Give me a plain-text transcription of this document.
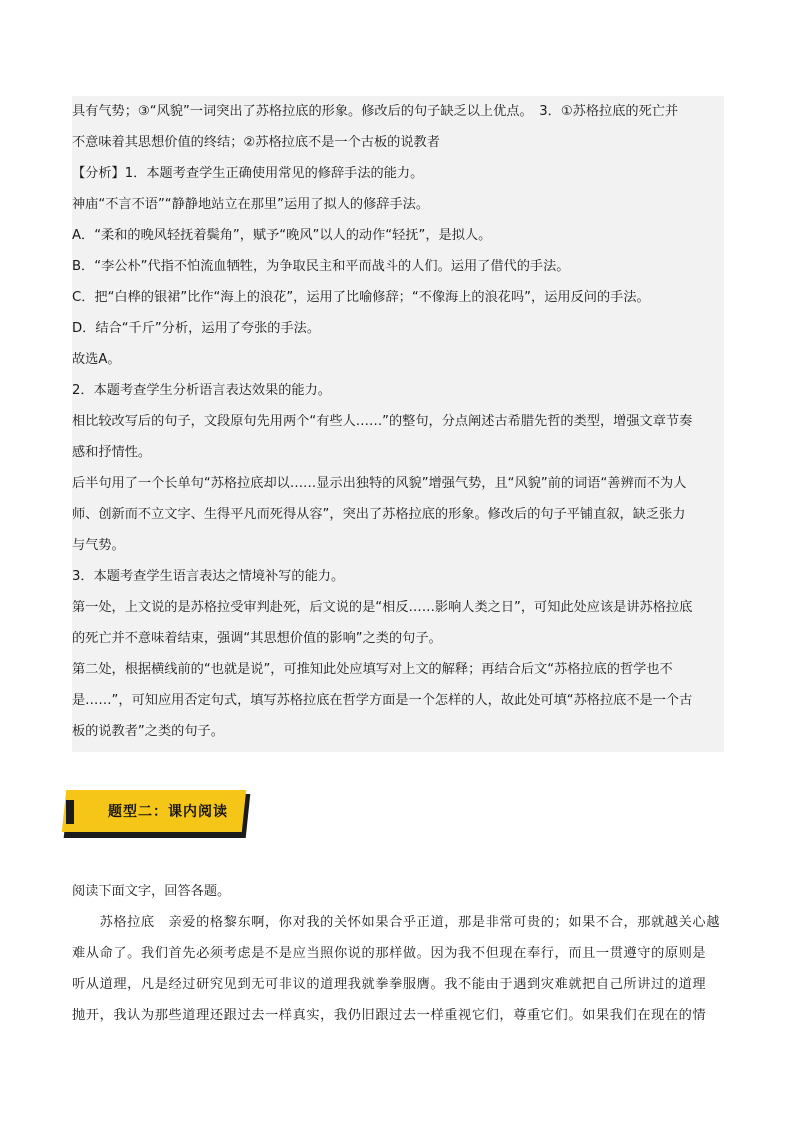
具有气势；③“风貌”一词突出了苏格拉底的形象。修改后的句子缺乏以上优点。　3．①苏格拉底的死亡并
不意味着其思想价值的终结；②苏格拉底不是一个古板的说教者
【分析】1．本题考查学生正确使用常见的修辞手法的能力。
神庙“不言不语”“静静地站立在那里”运用了拟人的修辞手法。
A．“柔和的晚风轻抚着鬓角”，赋予“晚风”以人的动作“轻抚”，是拟人。
B．“李公朴”代指不怕流血牺牲，为争取民主和平而战斗的人们。运用了借代的手法。
C．把“白桦的银裙”比作“海上的浪花”，运用了比喻修辞；“不像海上的浪花吗”，运用反问的手法。
D．结合“千斤”分析，运用了夸张的手法。
故选A。
2．本题考查学生分析语言表达效果的能力。
相比较改写后的句子，文段原句先用两个“有些人……”的整句，分点阐述古希腊先哲的类型，增强文章节奏
感和抒情性。
后半句用了一个长单句“苏格拉底却以……显示出独特的风貌”增强气势，且“风貌”前的词语“善辨而不为人
师、创新而不立文字、生得平凡而死得从容”，突出了苏格拉底的形象。修改后的句子平铺直叙，缺乏张力
与气势。
3．本题考查学生语言表达之情境补写的能力。
第一处，上文说的是苏格拉受审判赴死，后文说的是“相反……影响人类之日”，可知此处应该是讲苏格拉底
的死亡并不意味着结束，强调“其思想价值的影响”之类的句子。
第二处，根据横线前的“也就是说”，可推知此处应填写对上文的解释；再结合后文“苏格拉底的哲学也不
是……”，可知应用否定句式，填写苏格拉底在哲学方面是一个怎样的人，故此处可填“苏格拉底不是一个古
板的说教者”之类的句子。
题型二：课内阅读
阅读下面文字，回答各题。
　　苏格拉底　亲爱的格黎东啊，你对我的关怀如果合乎正道，那是非常可贵的；如果不合，那就越关心越
难从命了。我们首先必须考虑是不是应当照你说的那样做。因为我不但现在奉行，而且一贯遵守的原则是
听从道理，凡是经过研究见到无可非议的道理我就拳拳服膺。我不能由于遇到灾难就把自己所讲过的道理
抛开，我认为那些道理还跟过去一样真实，我仍旧跟过去一样重视它们，尊重它们。如果我们在现在的情
